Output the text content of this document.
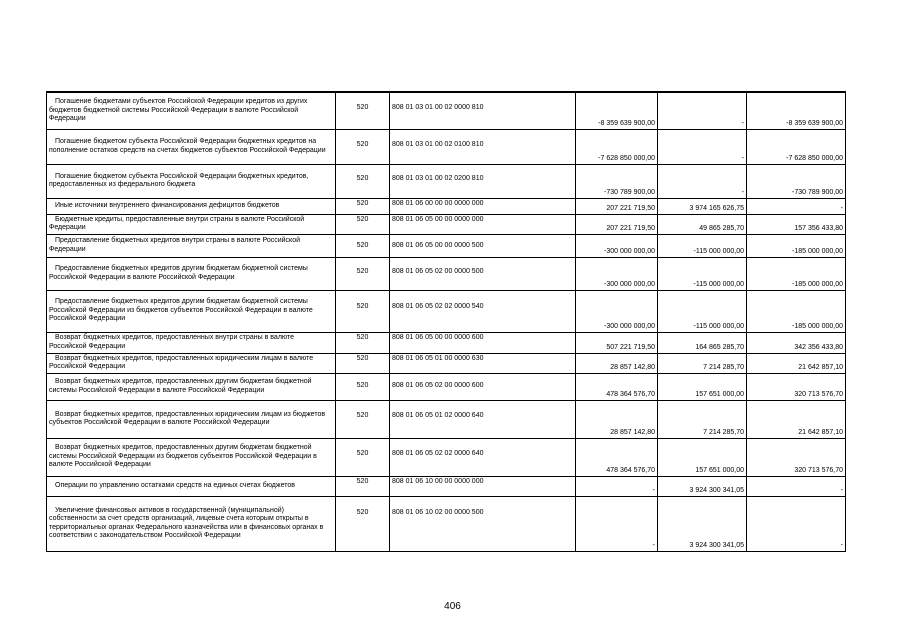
Погашение бюджетами субъектов Российской Федерации кредитов из других бюджетов бюджетной системы Российской Федерации в валюте Российской Федерации	520	808 01 03 01 00 02 0000 810	-8 359 639 900,00	-	-8 359 639 900,00
Погашение бюджетом субъекта Российской Федерации бюджетных кредитов на пополнение остатков средств на счетах бюджетов субъектов Российской Федерации	520	808 01 03 01 00 02 0100 810	-7 628 850 000,00	-	-7 628 850 000,00
Погашение бюджетом субъекта Российской Федерации бюджетных кредитов, предоставленных из федерального бюджета	520	808 01 03 01 00 02 0200 810	-730 789 900,00	-	-730 789 900,00
Иные источники внутреннего финансирования дефицитов бюджетов	520	808 01 06 00 00 00 0000 000	207 221 719,50	3 974 165 626,75	-
Бюджетные кредиты, предоставленные внутри страны в валюте Российской Федерации	520	808 01 06 05 00 00 0000 000	207 221 719,50	49 865 285,70	157 356 433,80
Предоставление бюджетных кредитов внутри страны в валюте Российской Федерации	520	808 01 06 05 00 00 0000 500	-300 000 000,00	-115 000 000,00	-185 000 000,00
Предоставление бюджетных кредитов другим бюджетам бюджетной системы Российской Федерации в валюте Российской Федерации	520	808 01 06 05 02 00 0000 500	-300 000 000,00	-115 000 000,00	-185 000 000,00
Предоставление бюджетных кредитов другим бюджетам бюджетной системы Российской Федерации из бюджетов субъектов Российской Федерации в валюте Российской Федерации	520	808 01 06 05 02 02 0000 540	-300 000 000,00	-115 000 000,00	-185 000 000,00
Возврат бюджетных кредитов, предоставленных внутри страны в валюте Российской Федерации	520	808 01 06 05 00 00 0000 600	507 221 719,50	164 865 285,70	342 356 433,80
Возврат бюджетных кредитов, предоставленных юридическим лицам в валюте Российской Федерации	520	808 01 06 05 01 00 0000 630	28 857 142,80	7 214 285,70	21 642 857,10
Возврат бюджетных кредитов, предоставленных другим бюджетам бюджетной системы Российской Федерации в валюте Российской Федерации	520	808 01 06 05 02 00 0000 600	478 364 576,70	157 651 000,00	320 713 576,70
Возврат бюджетных кредитов, предоставленных юридическим лицам из бюджетов субъектов Российской Федерации в валюте Российской Федерации	520	808 01 06 05 01 02 0000 640	28 857 142,80	7 214 285,70	21 642 857,10
Возврат бюджетных кредитов, предоставленных другим бюджетам бюджетной системы Российской Федерации из бюджетов субъектов Российской Федерации в валюте Российской Федерации	520	808 01 06 05 02 02 0000 640	478 364 576,70	157 651 000,00	320 713 576,70
Операции по управлению остатками средств на единых счетах бюджетов	520	808 01 06 10 00 00 0000 000	-	3 924 300 341,05	-
Увеличение финансовых активов в государственной (муниципальной) собственности за счет средств организаций, лицевые счета которым открыты в территориальных органах Федерального казначейства или в финансовых органах в соответствии с законодательством Российской Федерации	520	808 01 06 10 02 00 0000 500	-	3 924 300 341,05	-
406
